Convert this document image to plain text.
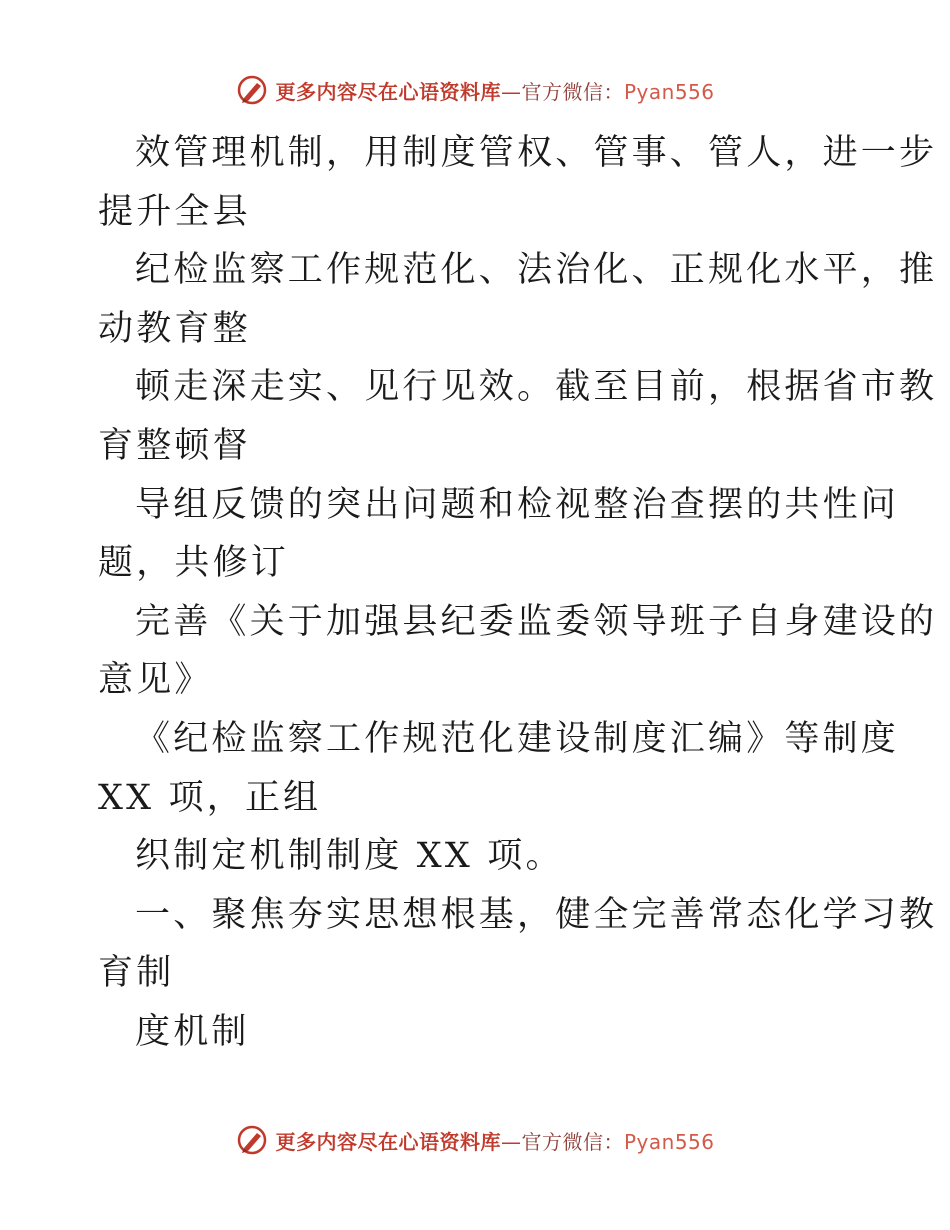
更多内容尽在心语资料库—官方微信：Pyan556
效管理机制，用制度管权、管事、管人，进一步
提升全县
纪检监察工作规范化、法治化、正规化水平，推
动教育整
顿走深走实、见行见效。截至目前，根据省市教
育整顿督
导组反馈的突出问题和检视整治查摆的共性问
题，共修订
完善《关于加强县纪委监委领导班子自身建设的
意见》
《纪检监察工作规范化建设制度汇编》等制度
XX 项，正组
织制定机制制度 XX 项。
一、聚焦夯实思想根基，健全完善常态化学习教
育制
度机制
更多内容尽在心语资料库—官方微信：Pyan556
